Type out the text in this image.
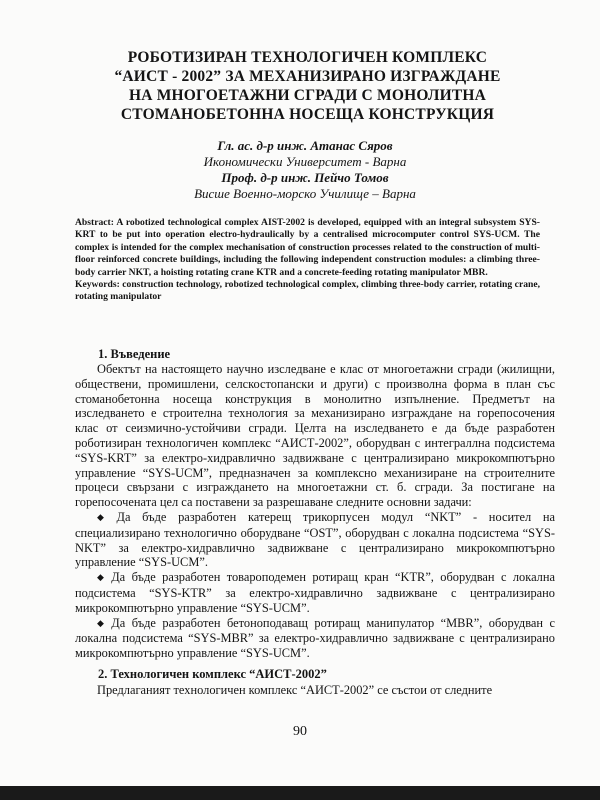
РОБОТИЗИРАН ТЕХНОЛОГИЧЕН КОМПЛЕКС
“АИСТ - 2002” ЗА МЕХАНИЗИРАНО ИЗГРАЖДАНЕ
НА МНОГОЕТАЖНИ СГРАДИ С МОНОЛИТНА
СТОМАНОБЕТОННА НОСЕЩА КОНСТРУКЦИЯ
Гл. ас. д-р инж. Атанас Сяров
Икономически Университет - Варна
Проф. д-р инж. Пейчо Томов
Висше Военно-морско Училище – Варна
Abstract: A robotized technological complex AIST-2002 is developed, equipped with an integral subsystem SYS-KRT to be put into operation electro-hydraulically by a centralised microcomputer control SYS-UCM. The complex is intended for the complex mechanisation of construction processes related to the construction of multi-floor reinforced concrete buildings, including the following independent construction modules: a climbing three-body carrier NKT, a hoisting rotating crane KTR and a concrete-feeding rotating manipulator MBR.
Keywords: construction technology, robotized technological complex, climbing three-body carrier, rotating crane, rotating manipulator
1. Въведение

Обектът на настоящето научно изследване е клас от многоетажни сгради (жилищни, обществени, промишлени, селскостопански и други) с произволна форма в план със стоманобетонна носеща конструкция в монолитно изпълнение. Предметът на изследването е строителна технология за механизирано изграждане на горепосочения клас от сеизмично-устойчиви сгради. Целта на изследването е да бъде разработен роботизиран технологичен комплекс “АИСТ-2002”, оборудван с интеграллна подсистема “SYS-KRT” за електро-хидравлично задвижване с централизирано микрокомпютърно управление “SYS-UCM”, предназначен за комплексно механизиране на строителните процеси свързани с изграждането на многоетажни ст. б. сгради. За постигане на горепосочената цел са поставени за разрешаване следните основни задачи:

◆ Да бъде разработен катерещ трикорпусен модул “NKT” - носител на специализирано технологично оборудване “OST”, оборудван с локална подсистема “SYS-NKT” за електро-хидравлично задвижване с централизирано микрокомпютърно управление “SYS-UCM”.

◆ Да бъде разработен товароподемен ротирaщ кран “KTR”, оборудван с локална подсистема “SYS-KTR” за електро-хидравлично задвижване с централизирано микрокомпютърно управление “SYS-UCM”.

◆ Да бъде разработен бетоноподаващ ротиращ манипулатор “MBR”, оборудван с локална подсистема “SYS-MBR” за електро-хидравлично задвижване с централизирано микрокомпютърно управление “SYS-UCM”.

2. Технологичен комплекс “АИСТ-2002”

Предлаганият технологичен комплекс “АИСТ-2002” се състои от следните

90
